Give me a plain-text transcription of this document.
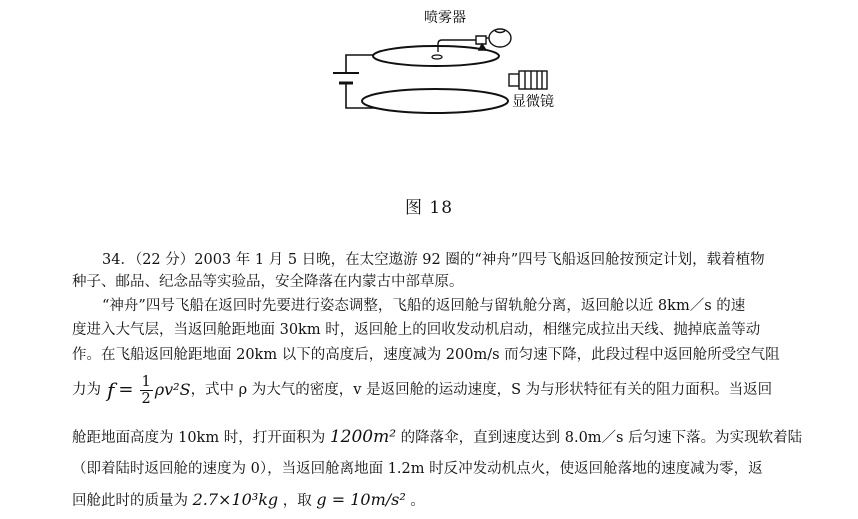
喷雾器
显微镜
图 18
34．（22 分）2003 年 1 月 5 日晚，在太空遨游 92 圈的“神舟”四号飞船返回舱按预定计划，载着植物
种子、邮品、纪念品等实验品，安全降落在内蒙古中部草原。
“神舟”四号飞船在返回时先要进行姿态调整，飞船的返回舱与留轨舱分离，返回舱以近 8km／s 的速
度进入大气层，当返回舱距地面 30km 时，返回舱上的回收发动机启动，相继完成拉出天线、抛掉底盖等动
作。在飞船返回舱距地面 20km 以下的高度后，速度减为 200m/s 而匀速下降，此段过程中返回舱所受空气阻
力为 $f = \frac{1}{2} \rho v^2S$ ，式中 ρ 为大气的密度，v 是返回舱的运动速度，S 为与形状特征有关的阻力面积。当返回
舱距地面高度为 10km 时，打开面积为 1200m² 的降落伞，直到速度达到 8.0m／s 后匀速下落。为实现软着陆
（即着陆时返回舱的速度为 0），当返回舱离地面 1.2m 时反冲发动机点火，使返回舱落地的速度减为零，返
回舱此时的质量为 2.7×10³kg ，取 g = 10m/s² 。
